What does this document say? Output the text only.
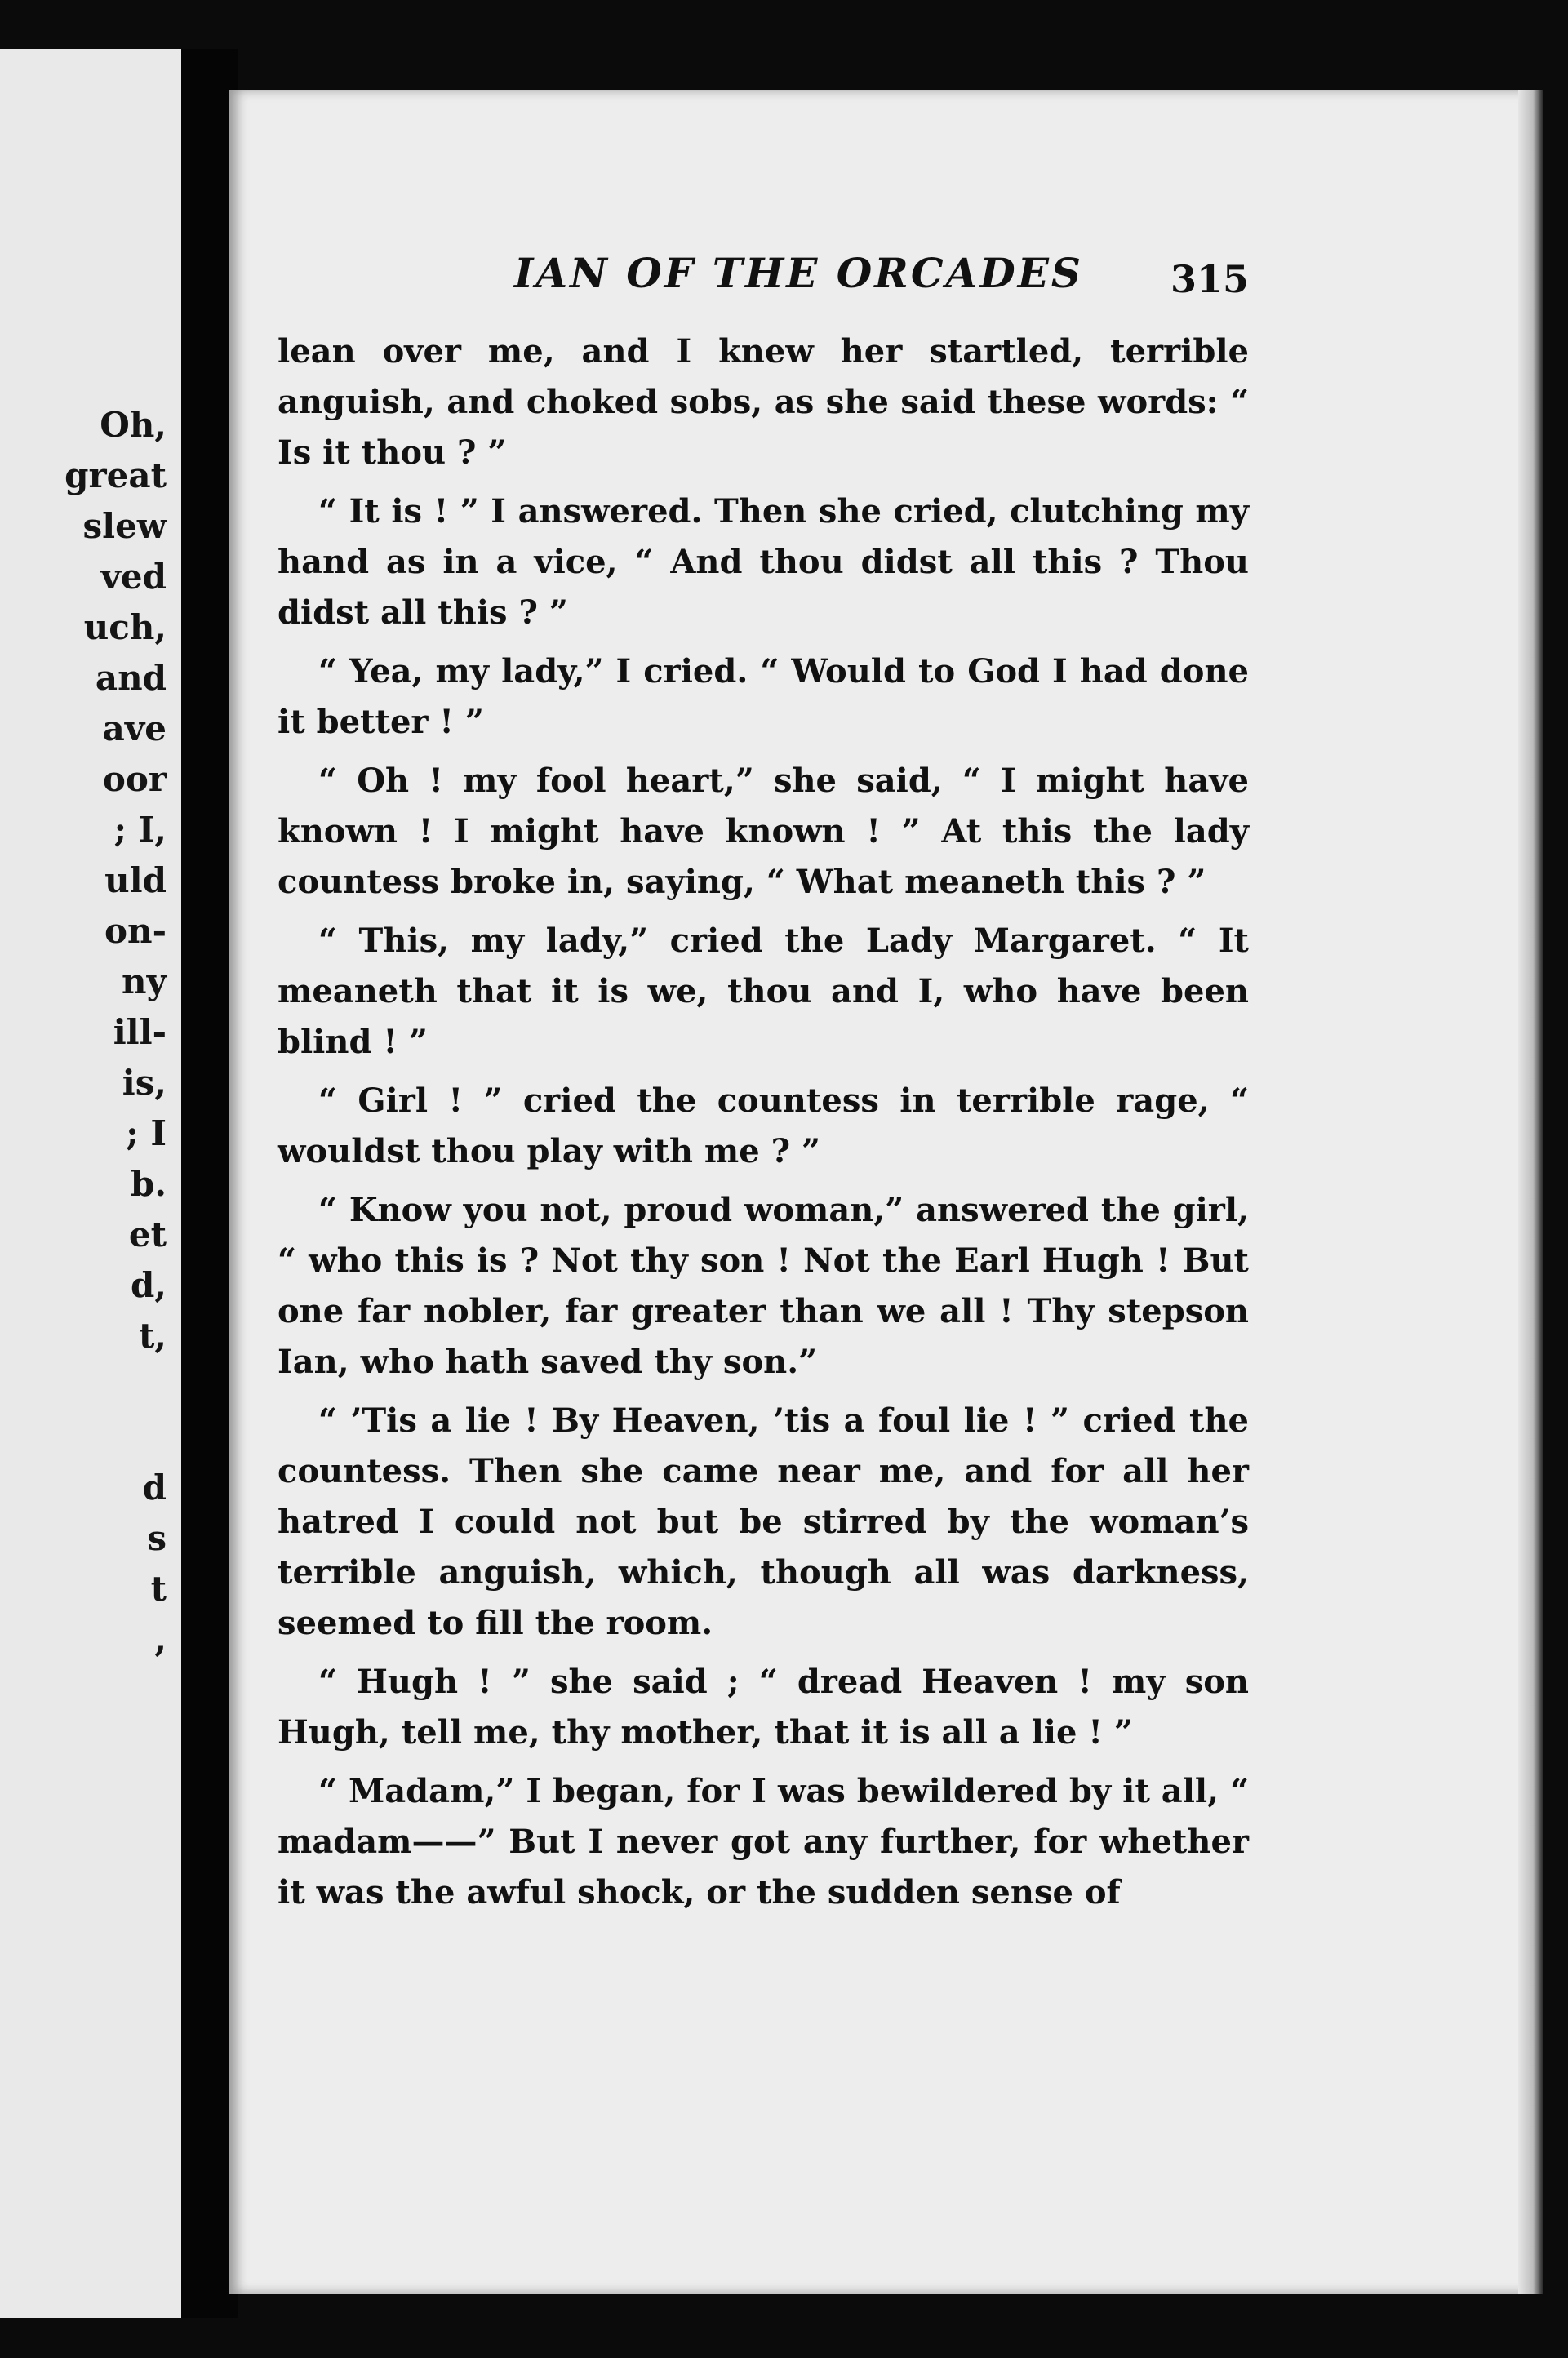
Oh,
great
slew
ved
uch,
and
ave
oor
; I,
uld
on-
ny
ill-
is,
; I
b.
et
d,
t,

d
s
t
,
IAN OF THE ORCADES 315

lean over me, and I knew her startled, terrible anguish, and choked sobs, as she said these words: “ Is it thou ? ”

“ It is ! ” I answered. Then she cried, clutching my hand as in a vice, “ And thou didst all this ? Thou didst all this ? ”

“ Yea, my lady,” I cried. “ Would to God I had done it better ! ”

“ Oh ! my fool heart,” she said, “ I might have known ! I might have known ! ” At this the lady countess broke in, saying, “ What meaneth this ? ”

“ This, my lady,” cried the Lady Margaret. “ It meaneth that it is we, thou and I, who have been blind ! ”

“ Girl ! ” cried the countess in terrible rage, “ wouldst thou play with me ? ”

“ Know you not, proud woman,” answered the girl, “ who this is ? Not thy son ! Not the Earl Hugh ! But one far nobler, far greater than we all ! Thy stepson Ian, who hath saved thy son.”

“ ’Tis a lie ! By Heaven, ’tis a foul lie ! ” cried the countess. Then she came near me, and for all her hatred I could not but be stirred by the woman’s terrible anguish, which, though all was darkness, seemed to fill the room.

“ Hugh ! ” she said ; “ dread Heaven ! my son Hugh, tell me, thy mother, that it is all a lie ! ”

“ Madam,” I began, for I was bewildered by it all, “ madam——” But I never got any further, for whether it was the awful shock, or the sudden sense of
